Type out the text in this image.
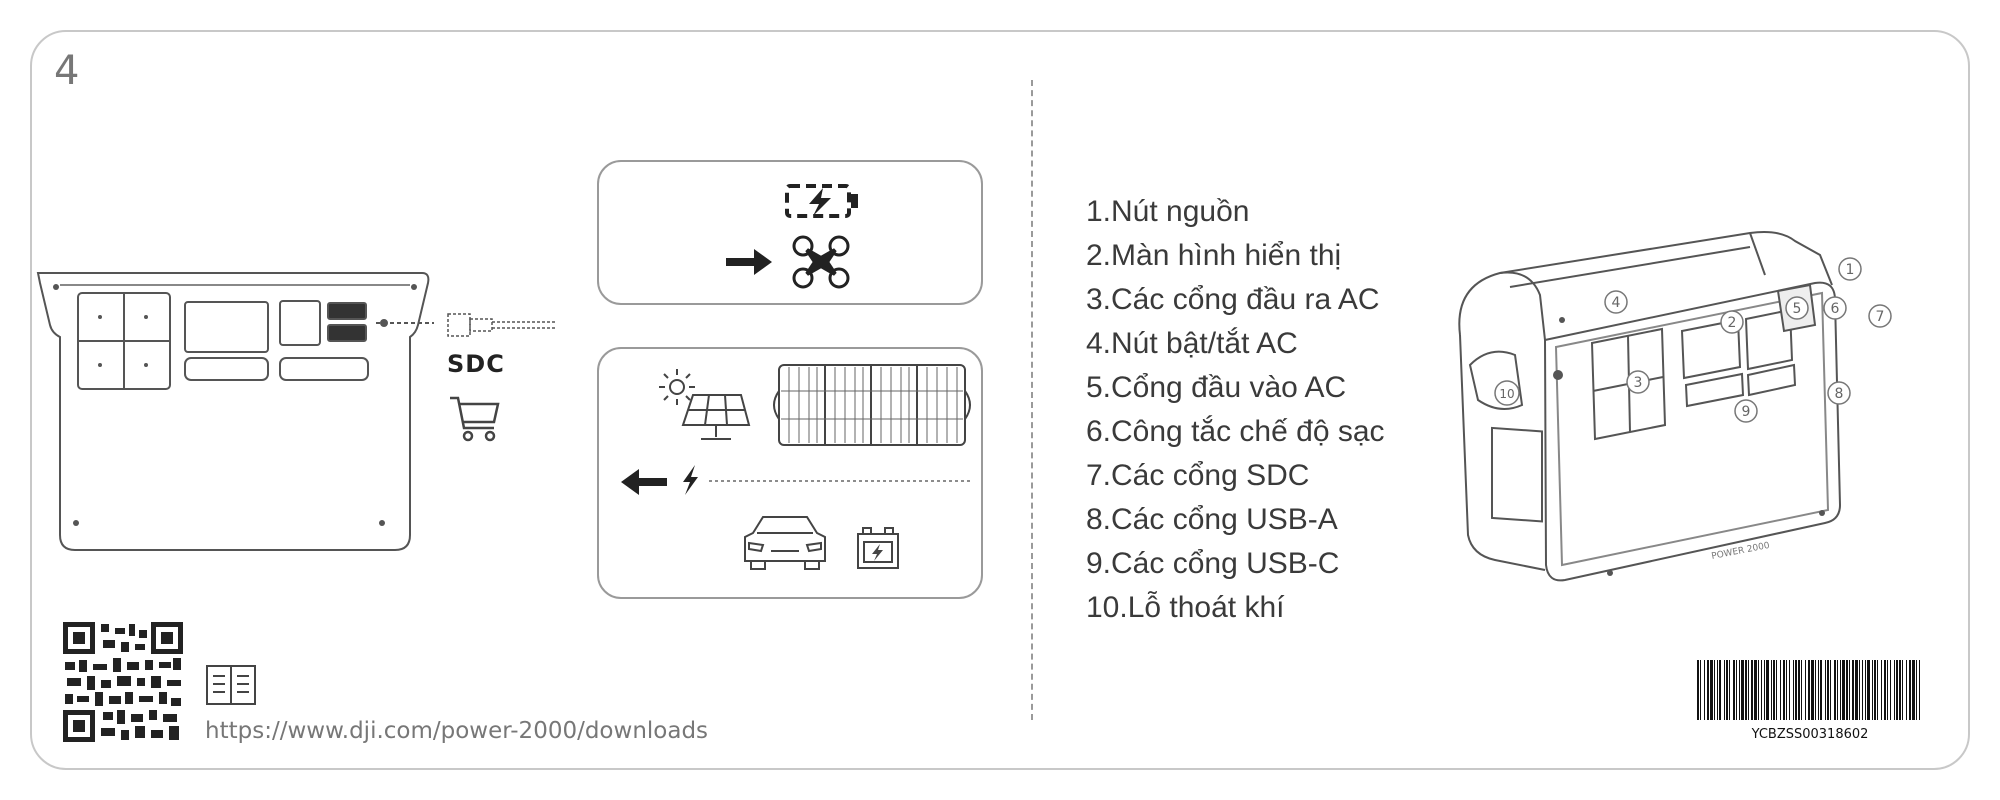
4
SDC
https://www.dji.com/power-2000/downloads
1.Nút nguồn
2.Màn hình hiển thị
3.Các cổng đầu ra AC
4.Nút bật/tắt AC
5.Cổng đầu vào AC
6.Công tắc chế độ sạc
7.Các cổng SDC
8.Các cổng USB-A
9.Các cổng USB-C
10.Lỗ thoát khí
POWER 2000
1
2
3
4	5 6	7
8
9
10
YCBZSS00318602
